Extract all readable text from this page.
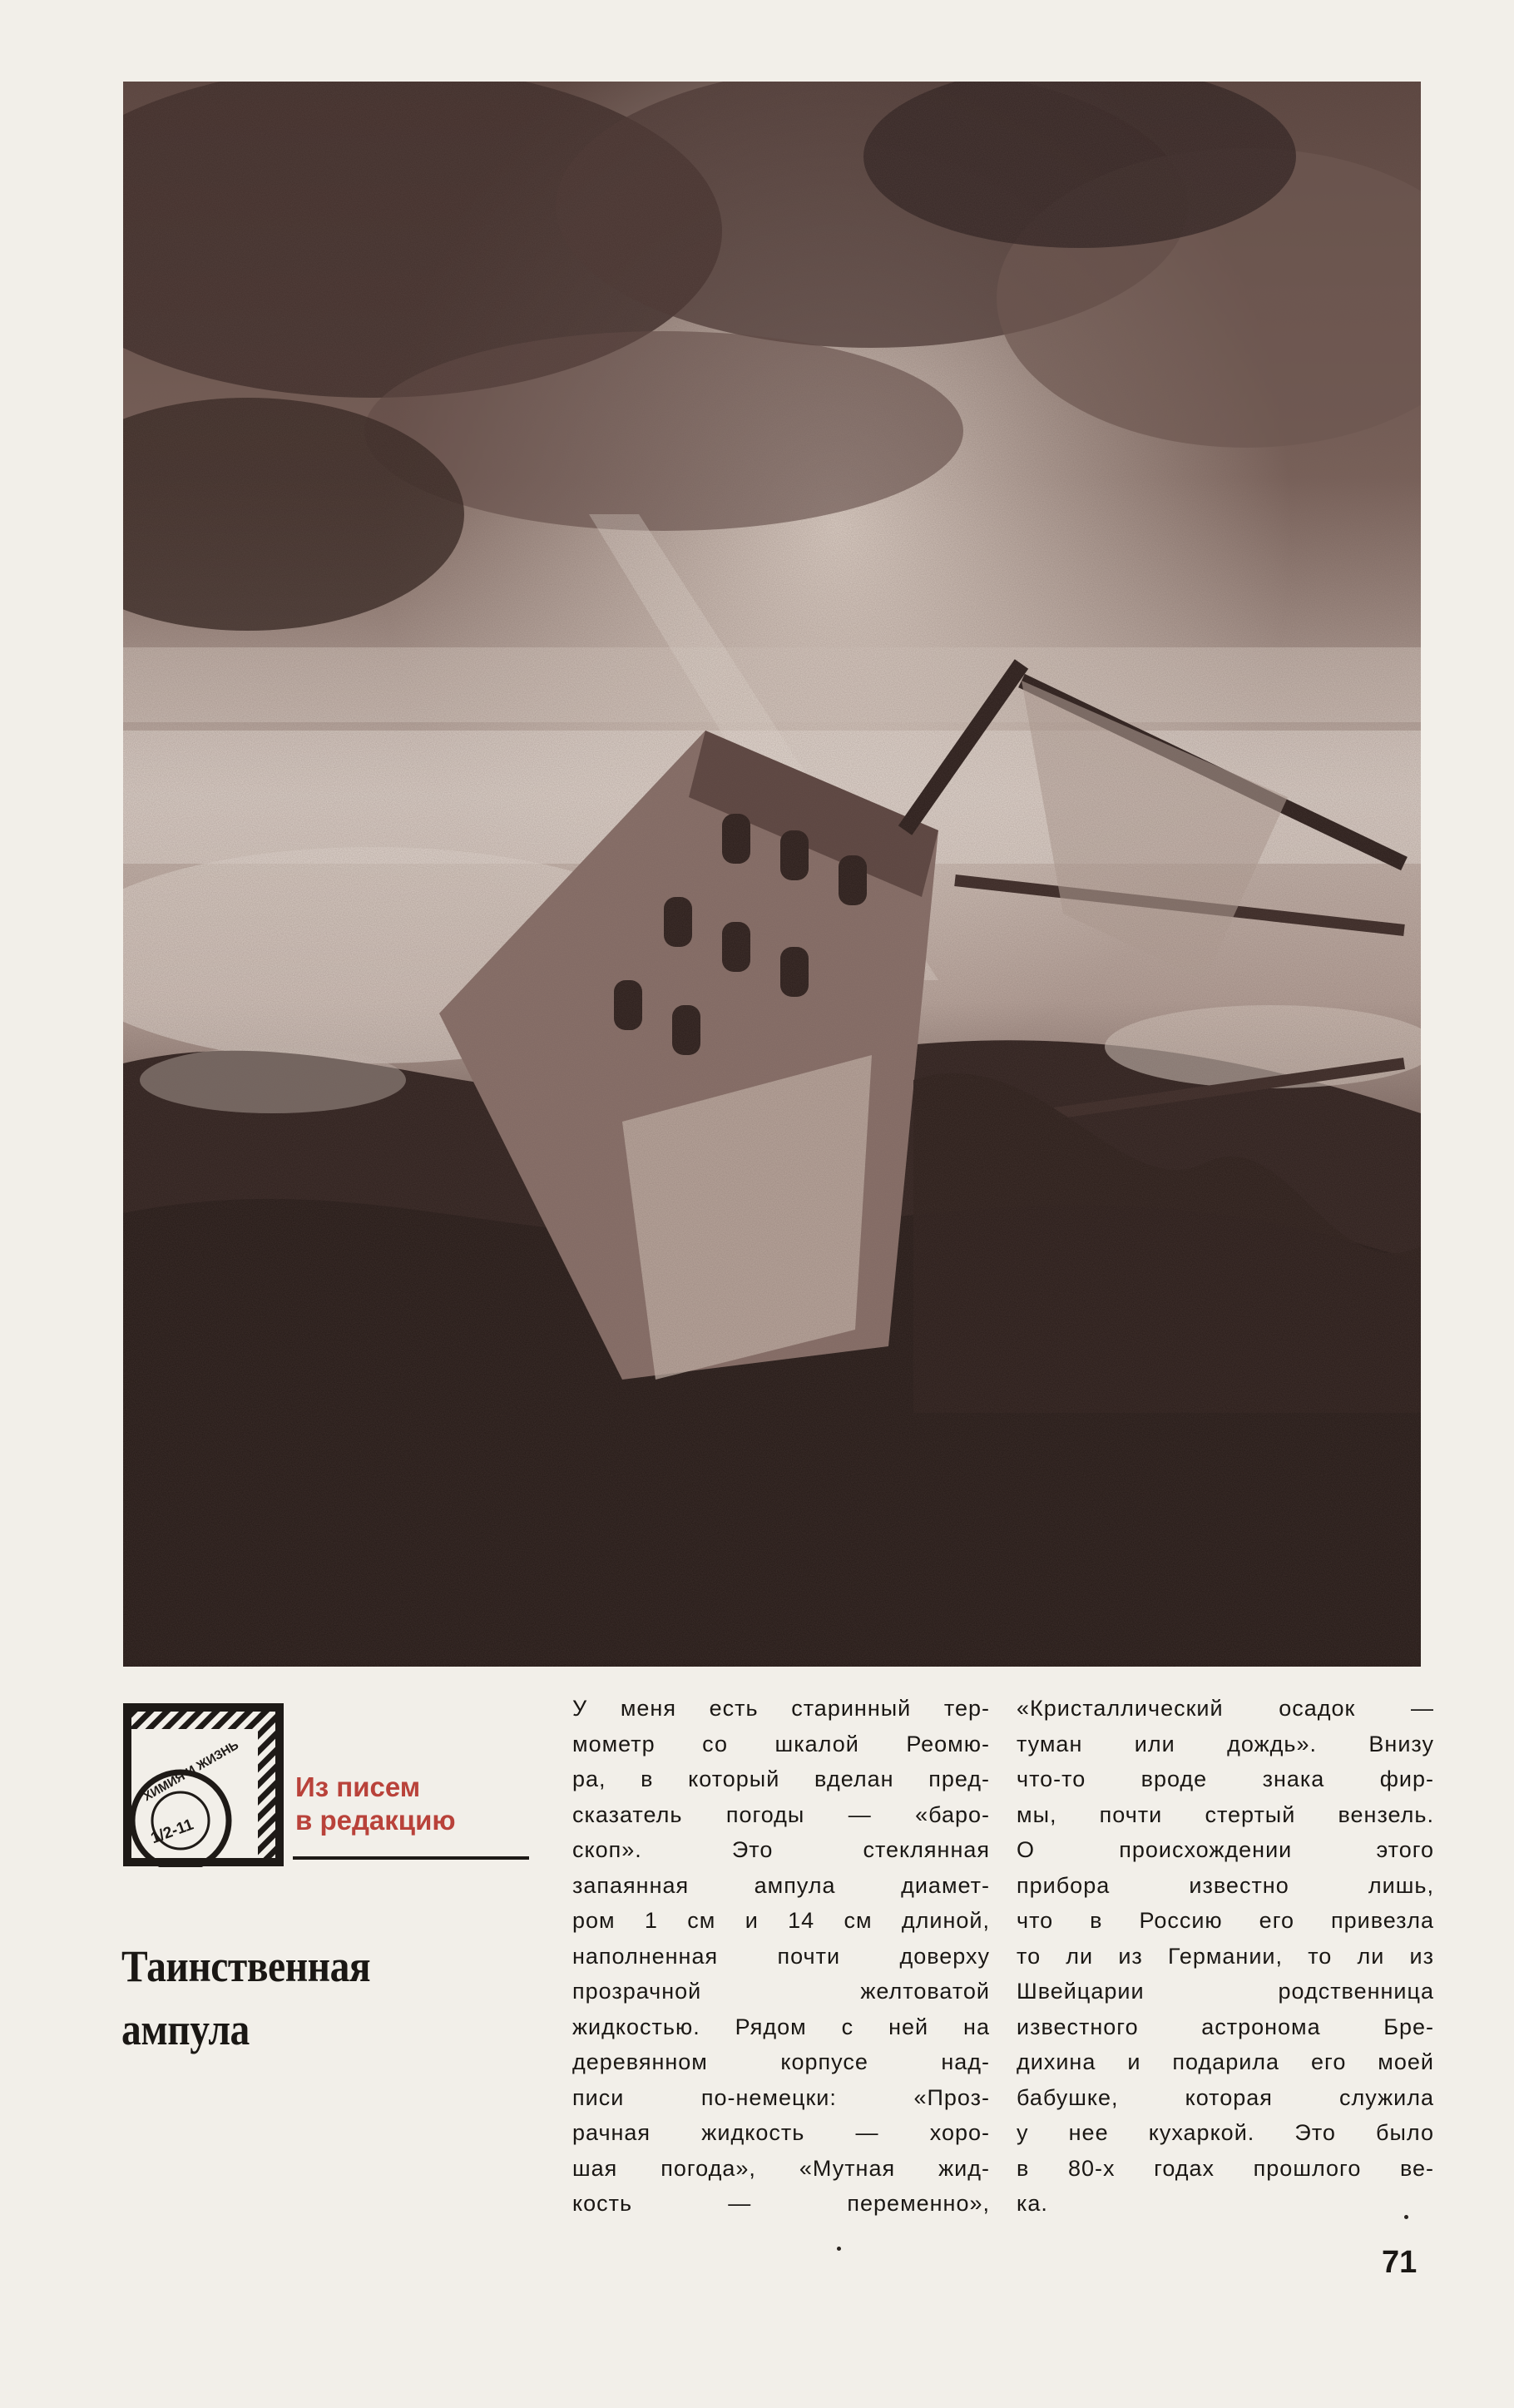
ХИМИЯ И ЖИЗНЬ
1/2-11
Из писем
в редакцию
Таинственная
ампула
У меня есть старинный тер-
мометр со шкалой Реомю-
ра, в который вделан пред-
сказатель погоды — «баро-
скоп». Это стеклянная
запаянная ампула диамет-
ром 1 см и 14 см длиной,
наполненная почти доверху
прозрачной желтоватой
жидкостью. Рядом с ней на
деревянном корпусе над-
писи по-немецки: «Проз-
рачная жидкость — хоро-
шая погода», «Мутная жид-
кость — переменно»,
«Кристаллический осадок —
туман или дождь». Внизу
что-то вроде знака фир-
мы, почти стертый вензель.
О происхождении этого
прибора известно лишь,
что в Россию его привезла
то ли из Германии, то ли из
Швейцарии родственница
известного астронома Бре-
дихина и подарила его моей
бабушке, которая служила
у нее кухаркой. Это было
в 80-х годах прошлого ве-
ка.
71
